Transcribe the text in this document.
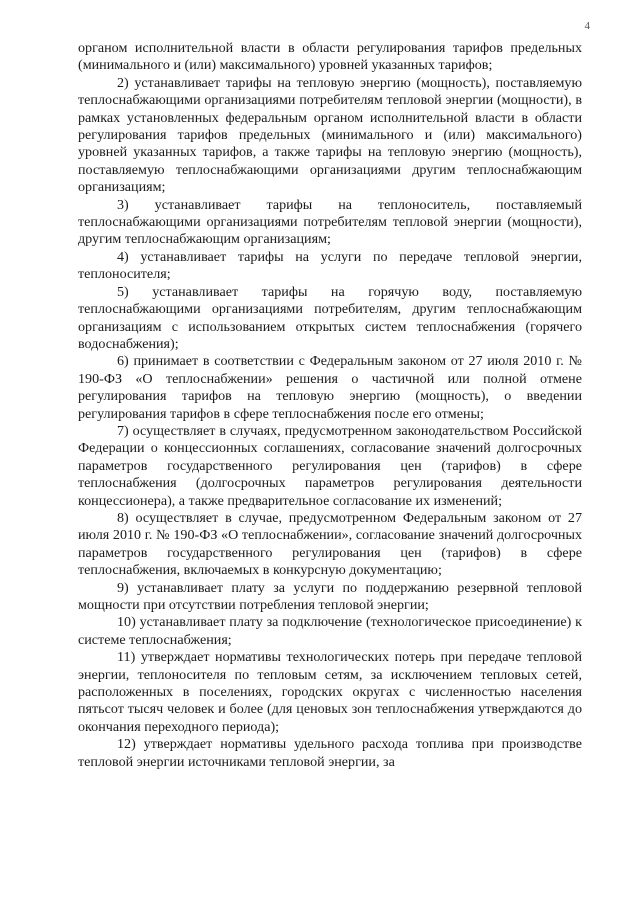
4

органом исполнительной власти в области регулирования тарифов предельных (минимального и (или) максимального) уровней указанных тарифов;

2) устанавливает тарифы на тепловую энергию (мощность), поставляемую теплоснабжающими организациями потребителям тепловой энергии (мощности), в рамках установленных федеральным органом исполнительной власти в области регулирования тарифов предельных (минимального и (или) максимального) уровней указанных тарифов, а также тарифы на тепловую энергию (мощность), поставляемую теплоснабжающими организациями другим теплоснабжающим организациям;

3) устанавливает тарифы на теплоноситель, поставляемый теплоснабжающими организациями потребителям тепловой энергии (мощности), другим теплоснабжающим организациям;

4) устанавливает тарифы на услуги по передаче тепловой энергии, теплоносителя;

5) устанавливает тарифы на горячую воду, поставляемую теплоснабжающими организациями потребителям, другим теплоснабжающим организациям с использованием открытых систем теплоснабжения (горячего водоснабжения);

6) принимает в соответствии с Федеральным законом от 27 июля 2010 г. № 190-ФЗ «О теплоснабжении» решения о частичной или полной отмене регулирования тарифов на тепловую энергию (мощность), о введении регулирования тарифов в сфере теплоснабжения после его отмены;

7) осуществляет в случаях, предусмотренном законодательством Российской Федерации о концессионных соглашениях, согласование значений долгосрочных параметров государственного регулирования цен (тарифов) в сфере теплоснабжения (долгосрочных параметров регулирования деятельности концессионера), а также предварительное согласование их изменений;

8) осуществляет в случае, предусмотренном Федеральным законом от 27 июля 2010 г. № 190-ФЗ «О теплоснабжении», согласование значений долгосрочных параметров государственного регулирования цен (тарифов) в сфере теплоснабжения, включаемых в конкурсную документацию;

9) устанавливает плату за услуги по поддержанию резервной тепловой мощности при отсутствии потребления тепловой энергии;

10) устанавливает плату за подключение (технологическое присоединение) к системе теплоснабжения;

11) утверждает нормативы технологических потерь при передаче тепловой энергии, теплоносителя по тепловым сетям, за исключением тепловых сетей, расположенных в поселениях, городских округах с численностью населения пятьсот тысяч человек и более (для ценовых зон теплоснабжения утверждаются до окончания переходного периода);

12) утверждает нормативы удельного расхода топлива при производстве тепловой энергии источниками тепловой энергии, за
